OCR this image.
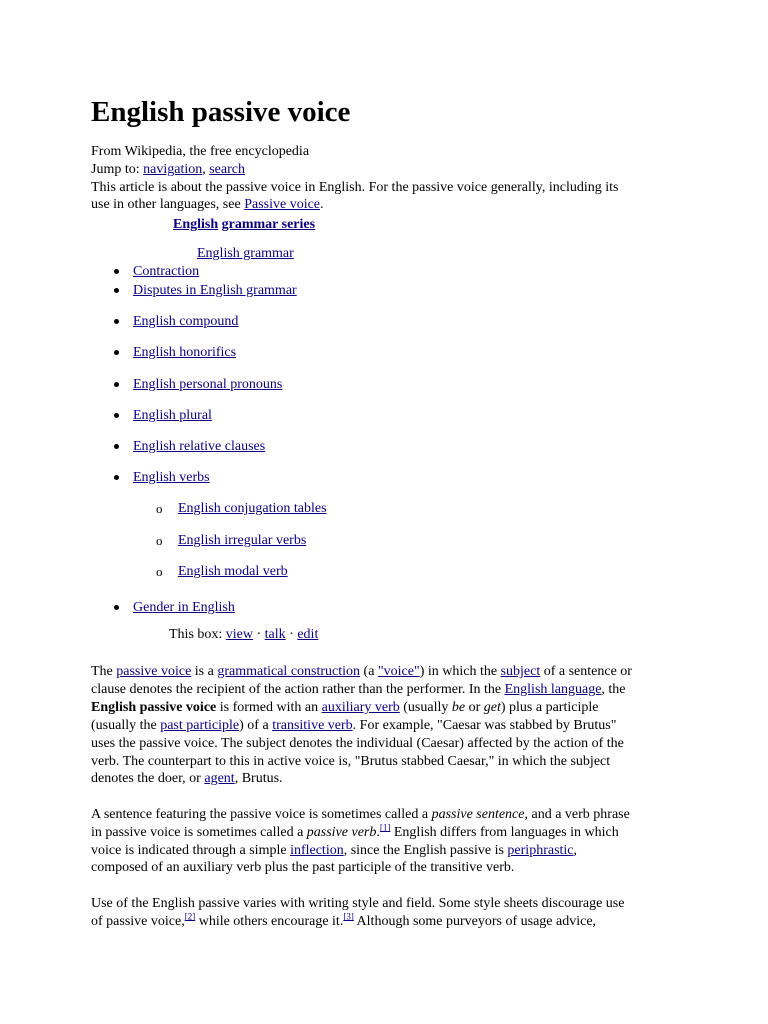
English passive voice
From Wikipedia, the free encyclopedia
Jump to: navigation, search
This article is about the passive voice in English. For the passive voice generally, including its
use in other languages, see Passive voice.
English grammar series
English grammar
Contraction
Disputes in English grammar
English compound
English honorifics
English personal pronouns
English plural
English relative clauses
English verbs
o English conjugation tables
o English irregular verbs
o English modal verb
Gender in English
This box: view · talk · edit
The passive voice is a grammatical construction (a "voice") in which the subject of a sentence or
clause denotes the recipient of the action rather than the performer. In the English language, the
English passive voice is formed with an auxiliary verb (usually be or get) plus a participle
(usually the past participle) of a transitive verb. For example, "Caesar was stabbed by Brutus"
uses the passive voice. The subject denotes the individual (Caesar) affected by the action of the
verb. The counterpart to this in active voice is, "Brutus stabbed Caesar," in which the subject
denotes the doer, or agent, Brutus.
A sentence featuring the passive voice is sometimes called a passive sentence, and a verb phrase
in passive voice is sometimes called a passive verb.[1] English differs from languages in which
voice is indicated through a simple inflection, since the English passive is periphrastic,
composed of an auxiliary verb plus the past participle of the transitive verb.
Use of the English passive varies with writing style and field. Some style sheets discourage use
of passive voice,[2] while others encourage it.[3] Although some purveyors of usage advice,
